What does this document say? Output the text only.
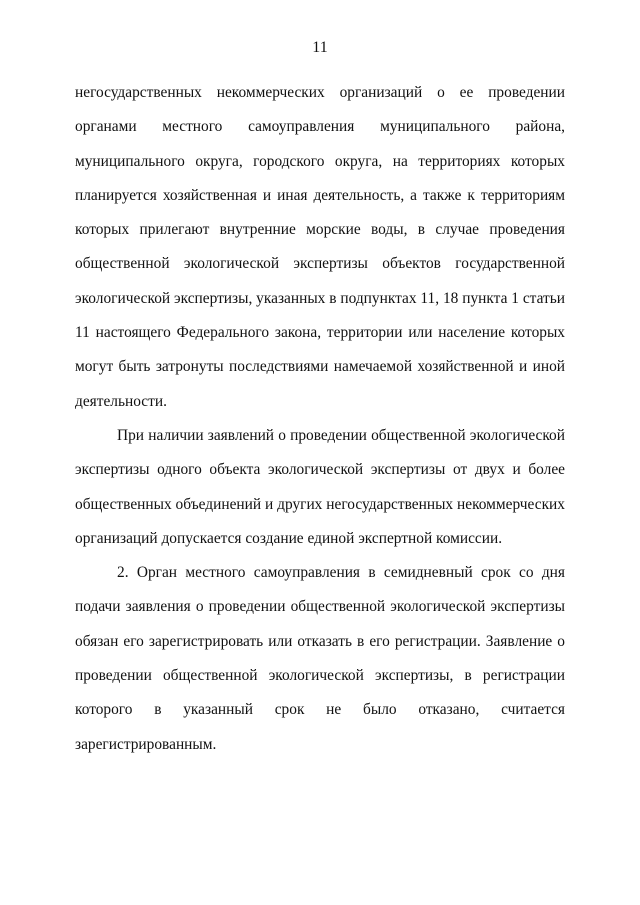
11

негосударственных некоммерческих организаций о ее проведении
органами местного самоуправления муниципального района,
муниципального округа, городского округа, на территориях которых
планируется хозяйственная и иная деятельность, а также к территориям
которых прилегают внутренние морские воды, в случае проведения
общественной экологической экспертизы объектов государственной
экологической экспертизы, указанных в подпунктах 11, 18 пункта 1 статьи
11 настоящего Федерального закона, территории или население которых
могут быть затронуты последствиями намечаемой хозяйственной и иной
деятельности.

При наличии заявлений о проведении общественной экологической
экспертизы одного объекта экологической экспертизы от двух и более
общественных объединений и других негосударственных некоммерческих
организаций допускается создание единой экспертной комиссии.

2. Орган местного самоуправления в семидневный срок со дня
подачи заявления о проведении общественной экологической экспертизы
обязан его зарегистрировать или отказать в его регистрации. Заявление о
проведении общественной экологической экспертизы, в регистрации
которого в указанный срок не было отказано, считается
зарегистрированным.
